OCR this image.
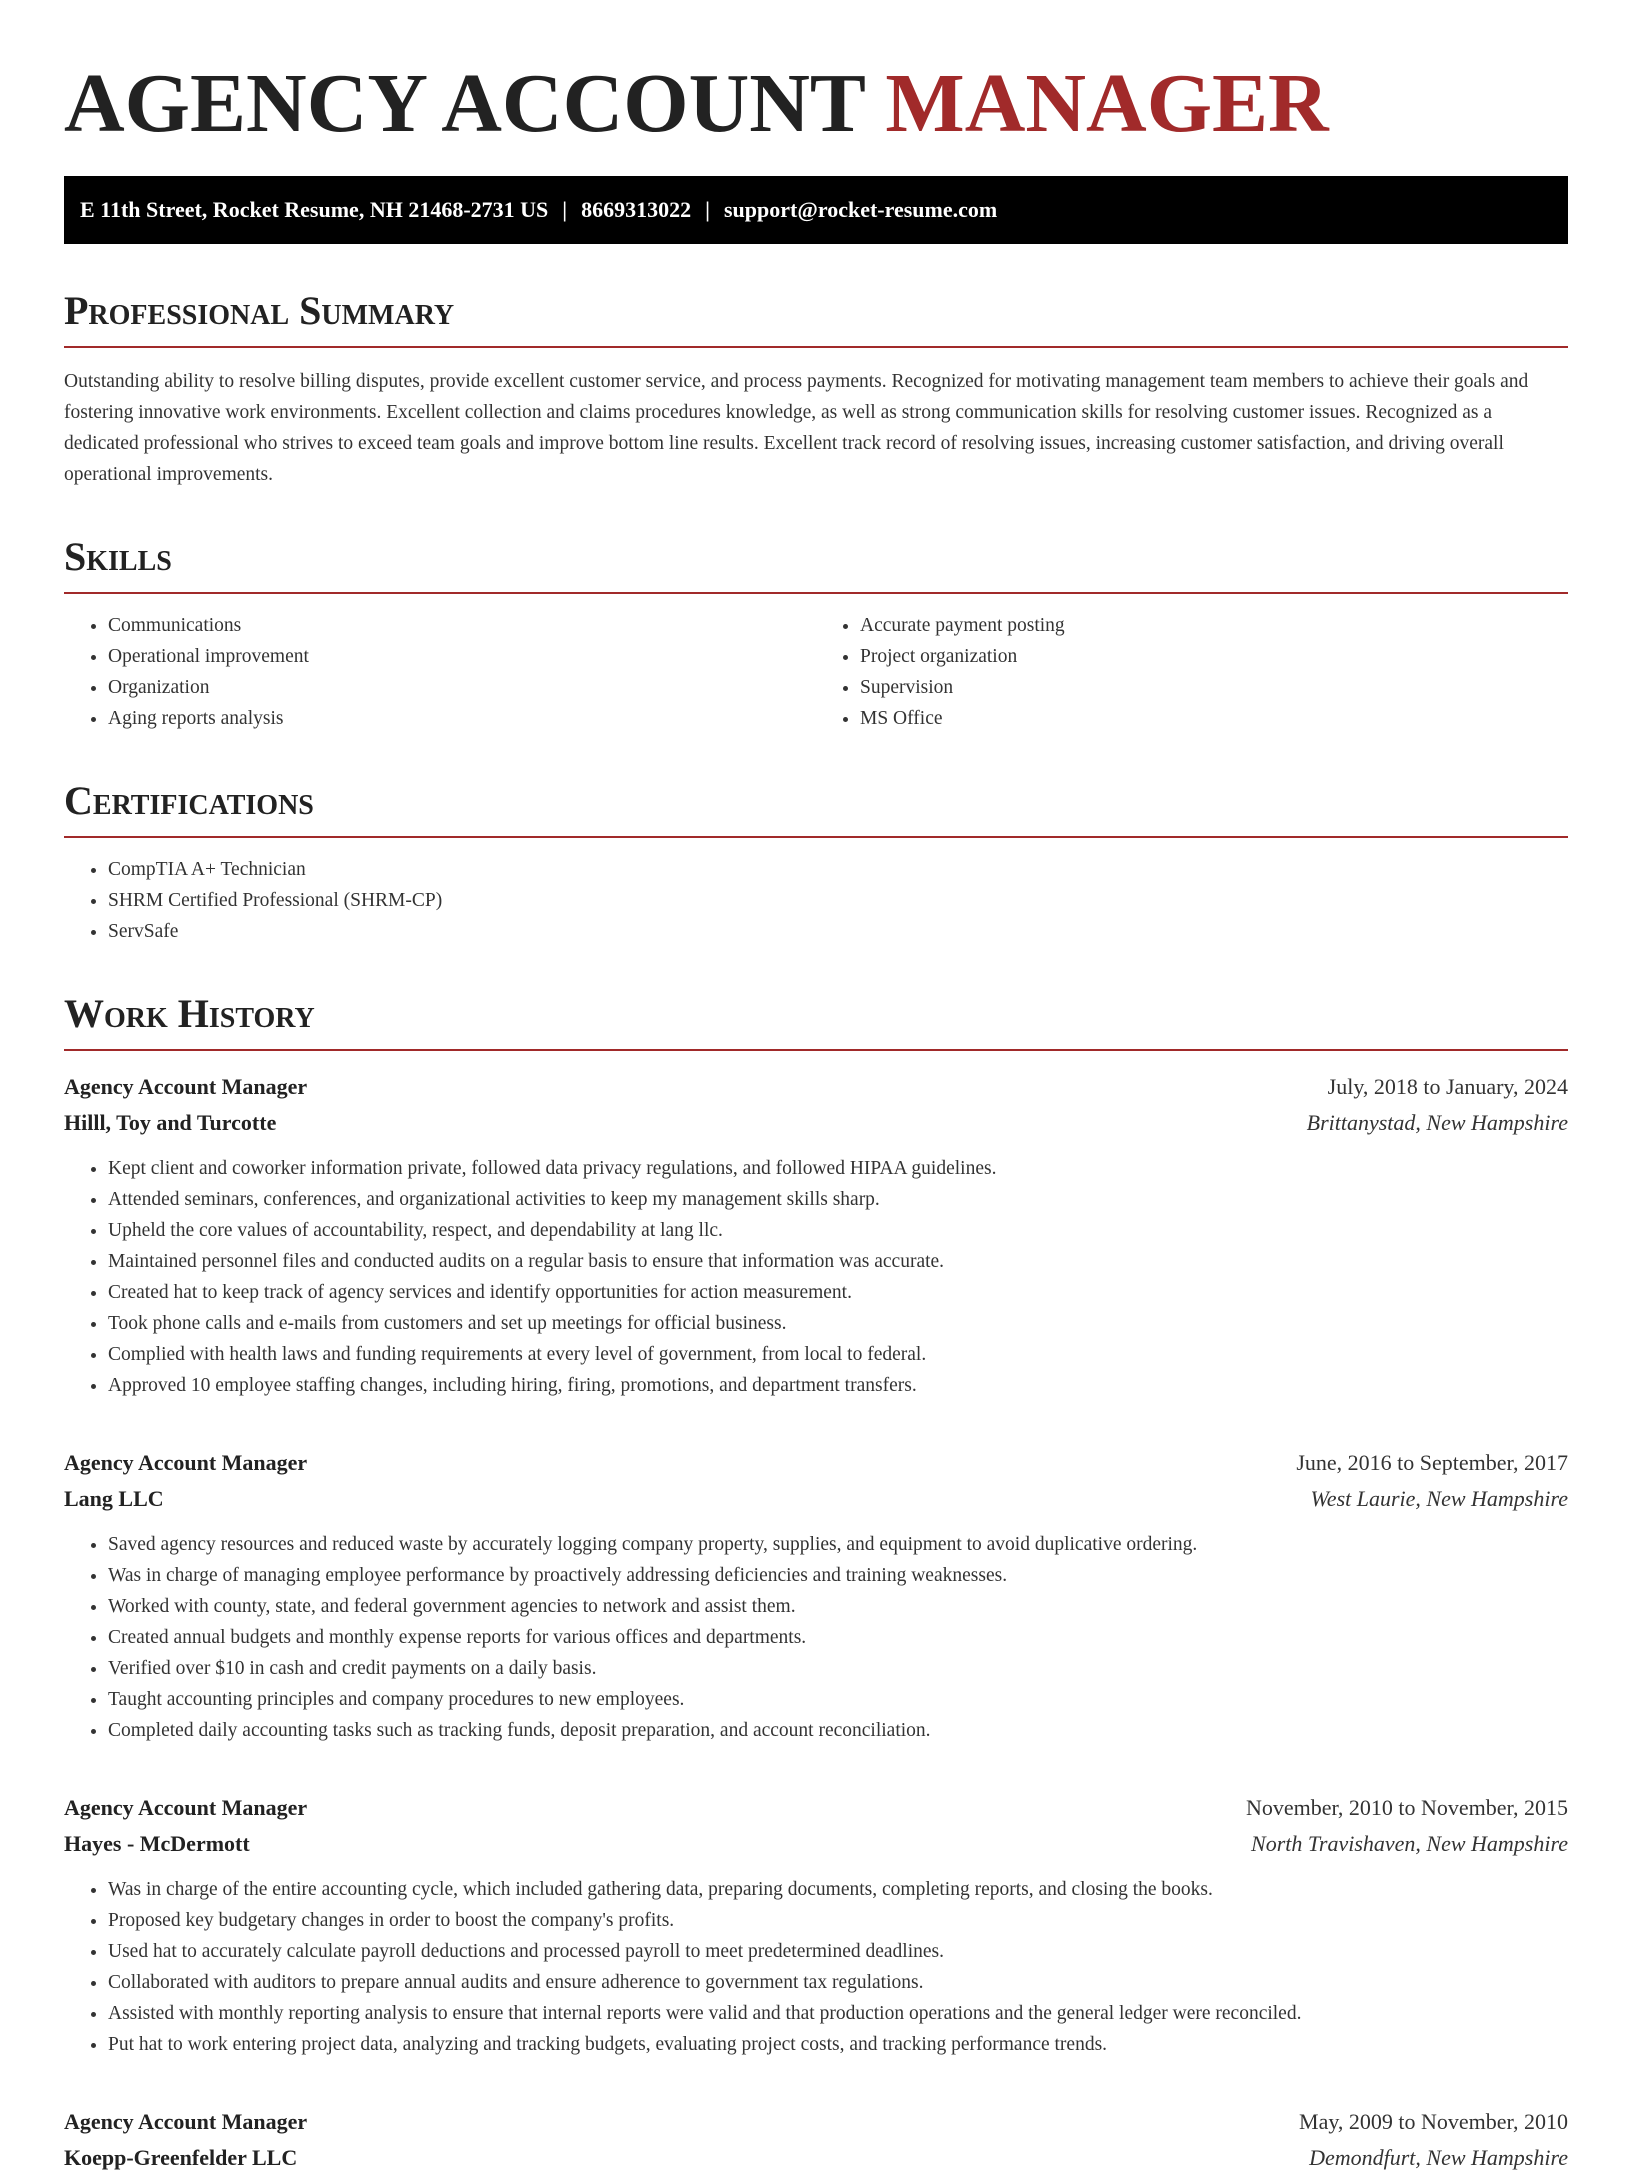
AGENCY ACCOUNT MANAGER
E 11th Street, Rocket Resume, NH 21468-2731 US | 8669313022 | support@rocket-resume.com
Professional Summary

Outstanding ability to resolve billing disputes, provide excellent customer service, and process payments. Recognized for motivating management team members to achieve their goals and fostering innovative work environments. Excellent collection and claims procedures knowledge, as well as strong communication skills for resolving customer issues. Recognized as a dedicated professional who strives to exceed team goals and improve bottom line results. Excellent track record of resolving issues, increasing customer satisfaction, and driving overall operational improvements.

Skills
• Communications
• Operational improvement
• Organization
• Aging reports analysis
• Accurate payment posting
• Project organization
• Supervision
• MS Office
Certifications
• CompTIA A+ Technician
• SHRM Certified Professional (SHRM-CP)
• ServSafe
Work History
Agency Account Manager	July, 2018 to January, 2024
Hilll, Toy and Turcotte	Brittanystad, New Hampshire
• Kept client and coworker information private, followed data privacy regulations, and followed HIPAA guidelines.
• Attended seminars, conferences, and organizational activities to keep my management skills sharp.
• Upheld the core values of accountability, respect, and dependability at lang llc.
• Maintained personnel files and conducted audits on a regular basis to ensure that information was accurate.
• Created hat to keep track of agency services and identify opportunities for action measurement.
• Took phone calls and e-mails from customers and set up meetings for official business.
• Complied with health laws and funding requirements at every level of government, from local to federal.
• Approved 10 employee staffing changes, including hiring, firing, promotions, and department transfers.
Agency Account Manager	June, 2016 to September, 2017
Lang LLC	West Laurie, New Hampshire
• Saved agency resources and reduced waste by accurately logging company property, supplies, and equipment to avoid duplicative ordering.
• Was in charge of managing employee performance by proactively addressing deficiencies and training weaknesses.
• Worked with county, state, and federal government agencies to network and assist them.
• Created annual budgets and monthly expense reports for various offices and departments.
• Verified over $10 in cash and credit payments on a daily basis.
• Taught accounting principles and company procedures to new employees.
• Completed daily accounting tasks such as tracking funds, deposit preparation, and account reconciliation.
Agency Account Manager	November, 2010 to November, 2015
Hayes - McDermott	North Travishaven, New Hampshire
• Was in charge of the entire accounting cycle, which included gathering data, preparing documents, completing reports, and closing the books.
• Proposed key budgetary changes in order to boost the company's profits.
• Used hat to accurately calculate payroll deductions and processed payroll to meet predetermined deadlines.
• Collaborated with auditors to prepare annual audits and ensure adherence to government tax regulations.
• Assisted with monthly reporting analysis to ensure that internal reports were valid and that production operations and the general ledger were reconciled.
• Put hat to work entering project data, analyzing and tracking budgets, evaluating project costs, and tracking performance trends.
Agency Account Manager	May, 2009 to November, 2010
Koepp-Greenfelder LLC	Demondfurt, New Hampshire
